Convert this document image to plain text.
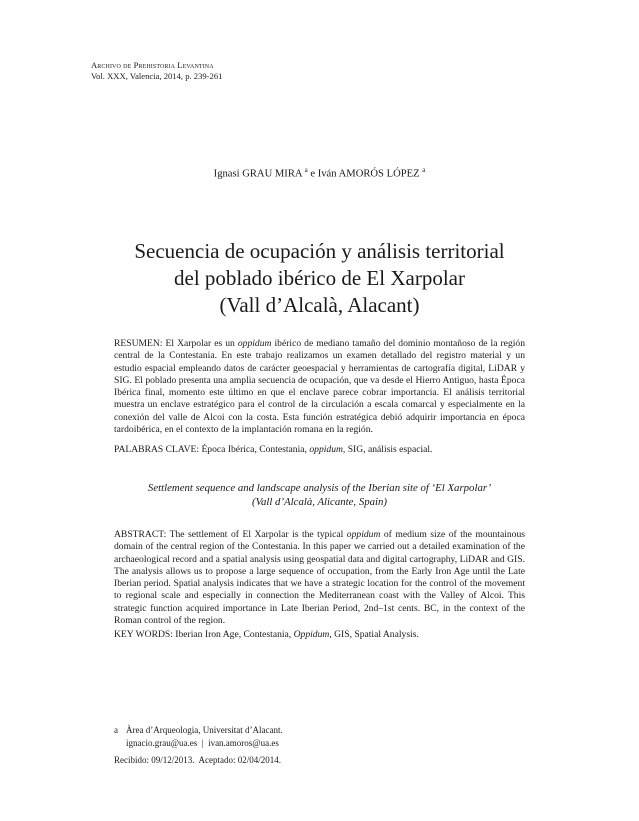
Archivo de Prehistoria Levantina
Vol. XXX, Valencia, 2014, p. 239-261
Ignasi GRAU MIRA $^a$ e Iván AMORÓS LÓPEZ $^a$
Secuencia de ocupación y análisis territorial
del poblado ibérico de El Xarpolar
(Vall d’Alcalà, Alacant)
RESUMEN: El Xarpolar es un oppidum ibérico de mediano tamaño del dominio montañoso de la región central de la Contestania. En este trabajo realizamos un examen detallado del registro material y un estudio espacial empleando datos de carácter geoespacial y herramientas de cartografía digital, LiDAR y SIG. El poblado presenta una amplia secuencia de ocupación, que va desde el Hierro Antiguo, hasta Época Ibérica final, momento este último en que el enclave parece cobrar importancia. El análisis territorial muestra un enclave estratégico para el control de la circulación a escala comarcal y especialmente en la conexión del valle de Alcoi con la costa. Esta función estratégica debió adquirir importancia en época tardoibérica, en el contexto de la implantación romana en la región.
PALABRAS CLAVE: Época Ibérica, Contestania, oppidum, SIG, análisis espacial.
Settlement sequence and landscape analysis of the Iberian site of ‘El Xarpolar’
(Vall d’Alcalà, Alicante, Spain)
ABSTRACT: The settlement of El Xarpolar is the typical oppidum of medium size of the mountainous domain of the central region of the Contestania. In this paper we carried out a detailed examination of the archaeological record and a spatial analysis using geospatial data and digital cartography, LiDAR and GIS. The analysis allows us to propose a large sequence of occupation, from the Early Iron Age until the Late Iberian period. Spatial analysis indicates that we have a strategic location for the control of the movement to regional scale and especially in connection the Mediterranean coast with the Valley of Alcoi. This strategic function acquired importance in Late Iberian Period, 2nd–1st cents. BC, in the context of the Roman control of the region.
KEY WORDS: Iberian Iron Age, Contestania, Oppidum, GIS, Spatial Analysis.
a Àrea d’Arqueologia, Universitat d’Alacant.
ignacio.grau@ua.es  |  ivan.amoros@ua.es
Recibido: 09/12/2013.  Aceptado: 02/04/2014.
